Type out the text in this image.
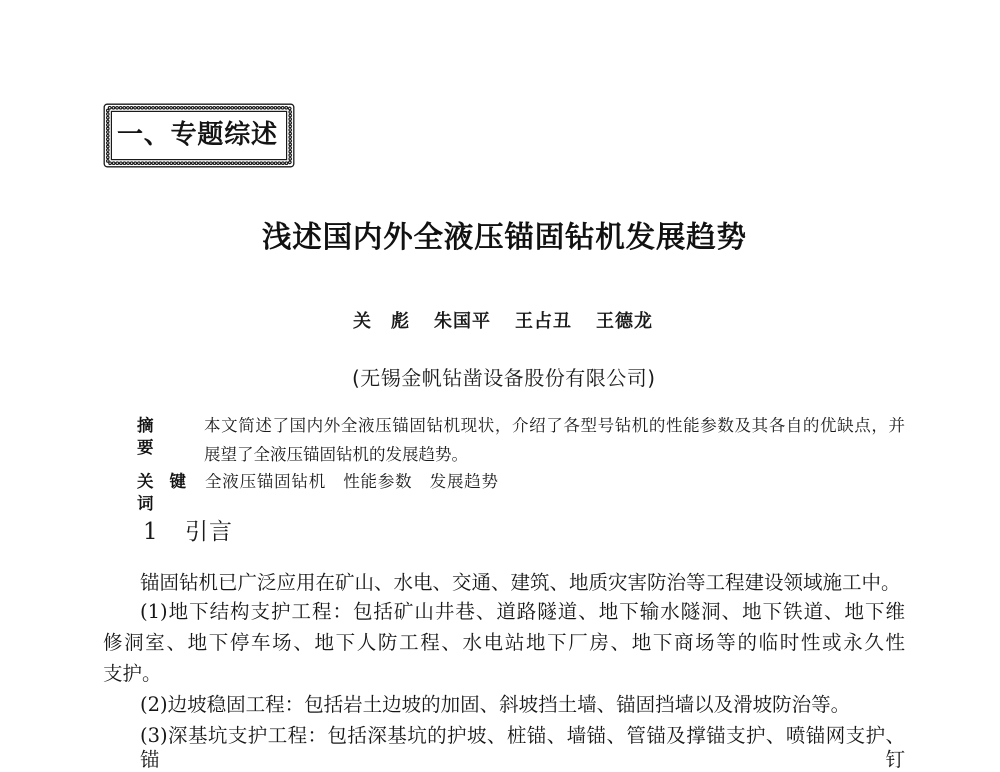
一、专题综述
浅述国内外全液压锚固钻机发展趋势
关　彪 朱国平 王占丑 王德龙
(无锡金帆钻凿设备股份有限公司)
摘　要
本文简述了国内外全液压锚固钻机现状，介绍了各型号钻机的性能参数及其各自的优缺点，并
展望了全液压锚固钻机的发展趋势。
关键词
全液压锚固钻机　性能参数　发展趋势
1 引言
锚固钻机已广泛应用在矿山、水电、交通、建筑、地质灾害防治等工程建设领域施工中。
(1)地下结构支护工程：包括矿山井巷、道路隧道、地下输水隧洞、地下铁道、地下维
修洞室、地下停车场、地下人防工程、水电站地下厂房、地下商场等的临时性或永久性
支护。
(2)边坡稳固工程：包括岩土边坡的加固、斜坡挡土墙、锚固挡墙以及滑坡防治等。
(3)深基坑支护工程：包括深基坑的护坡、桩锚、墙锚、管锚及撑锚支护、喷锚网支护、锚钉
